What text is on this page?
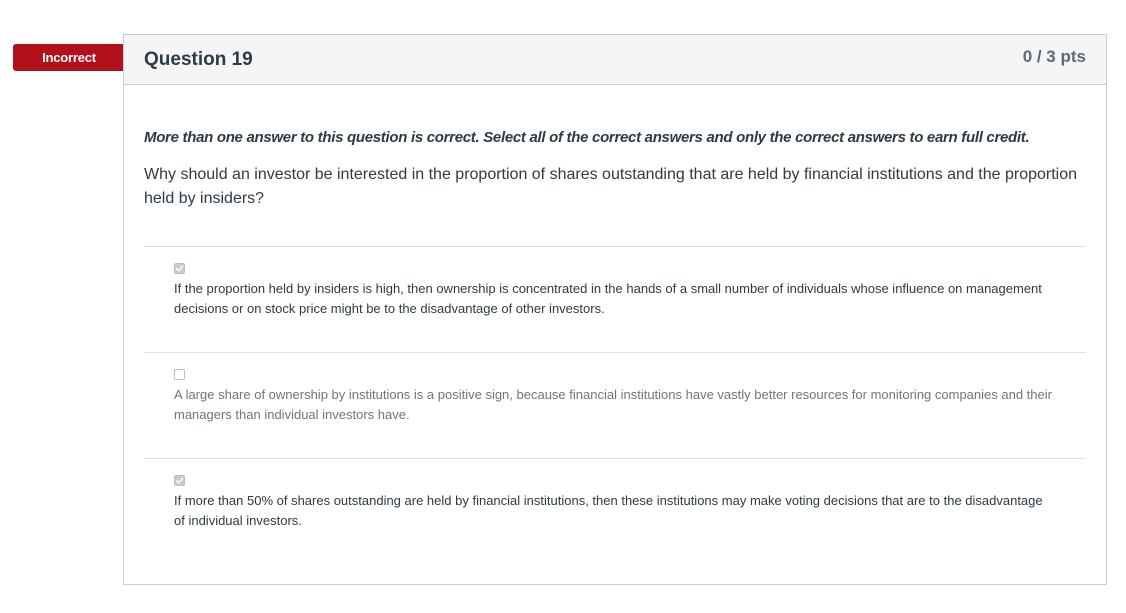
Incorrect	Question 19	0 / 3 pts
More than one answer to this question is correct. Select all of the correct answers and only the correct answers to earn full credit.
Why should an investor be interested in the proportion of shares outstanding that are held by financial institutions and the proportion held by insiders?
If the proportion held by insiders is high, then ownership is concentrated in the hands of a small number of individuals whose influence on management decisions or on stock price might be to the disadvantage of other investors.
A large share of ownership by institutions is a positive sign, because financial institutions have vastly better resources for monitoring companies and their managers than individual investors have.
If more than 50% of shares outstanding are held by financial institutions, then these institutions may make voting decisions that are to the disadvantage of individual investors.
